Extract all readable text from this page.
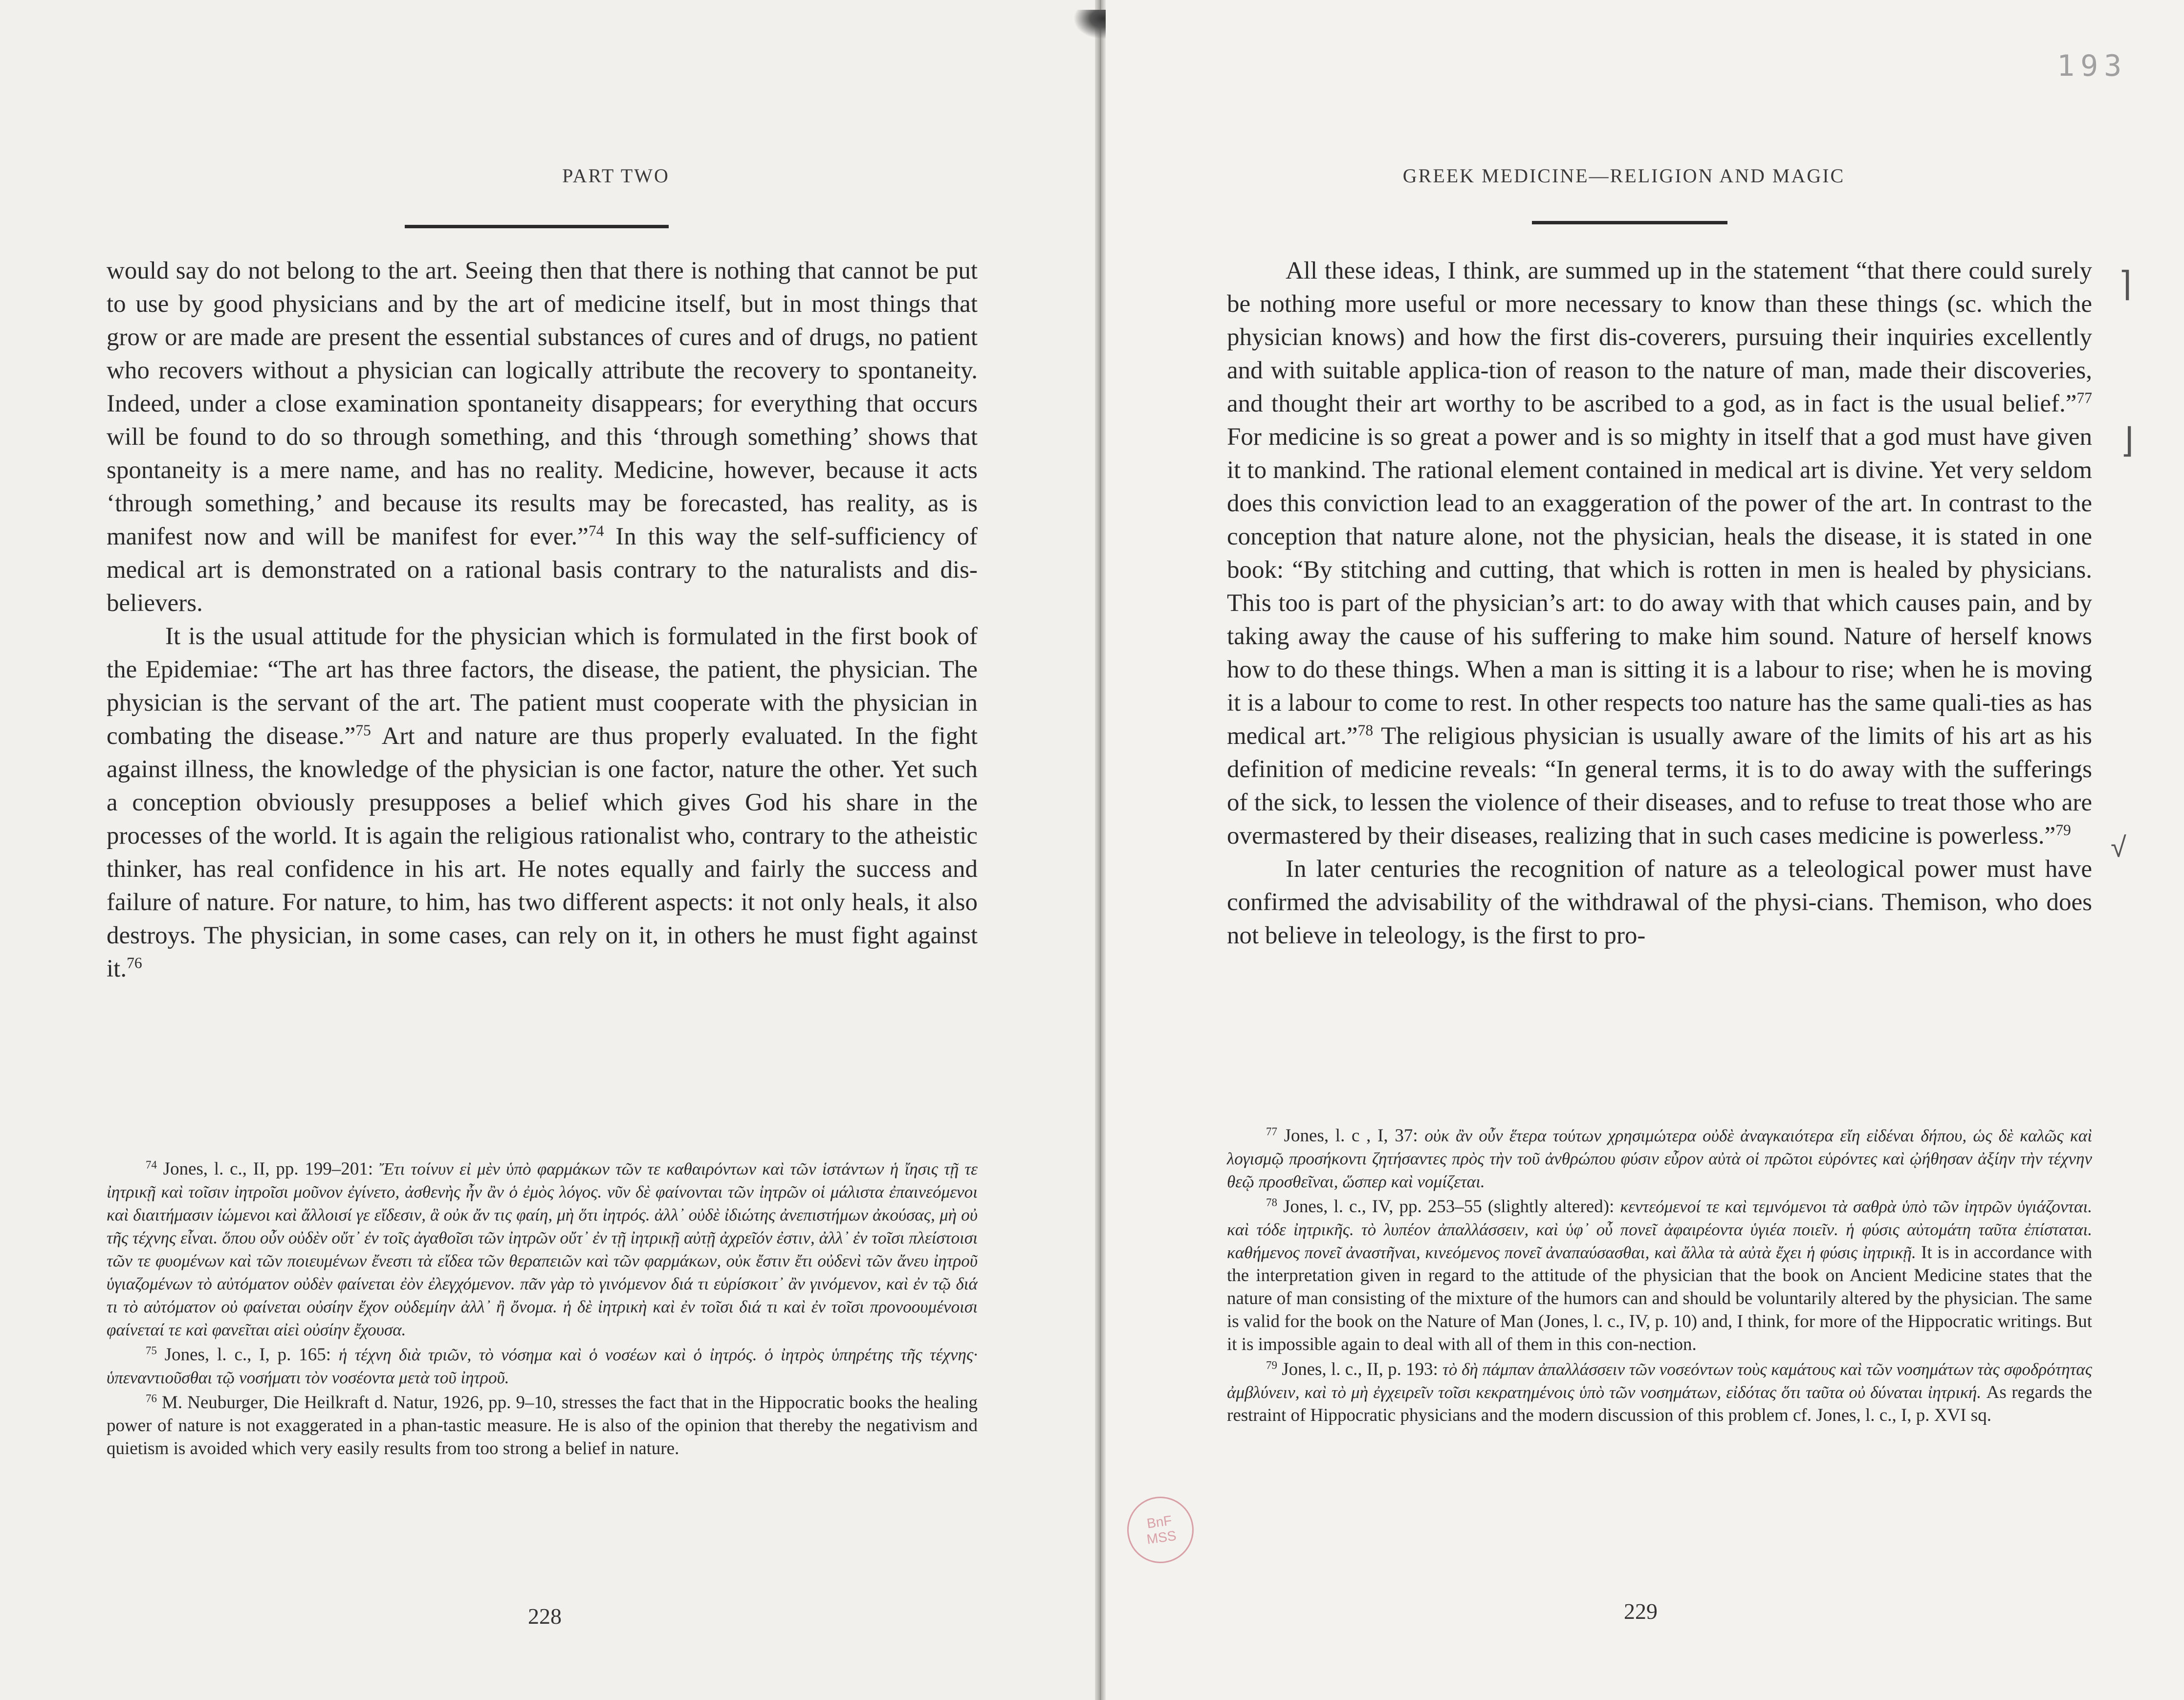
PART TWO

would say do not belong to the art. Seeing then that there is nothing that cannot be put to use by good physicians and by the art of medicine itself, but in most things that grow or are made are present the essential substances of cures and of drugs, no patient who recovers without a physician can logically attribute the recovery to spontaneity. Indeed, under a close examination spontaneity disappears; for everything that occurs will be found to do so through something, and this ‘through something’ shows that spontaneity is a mere name, and has no reality. Medicine, however, because it acts ‘through something,’ and because its results may be forecasted, has reality, as is manifest now and will be manifest for ever.”$^{74}$ In this way the self-sufficiency of medical art is demonstrated on a rational basis contrary to the naturalists and dis-believers.

It is the usual attitude for the physician which is formulated in the first book of the Epidemiae: “The art has three factors, the disease, the patient, the physician. The physician is the servant of the art. The patient must cooperate with the physician in combating the disease.”$^{75}$ Art and nature are thus properly evaluated. In the fight against illness, the knowledge of the physician is one factor, nature the other. Yet such a conception obviously presupposes a belief which gives God his share in the processes of the world. It is again the religious rationalist who, contrary to the atheistic thinker, has real confidence in his art. He notes equally and fairly the success and failure of nature. For nature, to him, has two different aspects: it not only heals, it also destroys. The physician, in some cases, can rely on it, in others he must fight against it.$^{76}$

$^{74}$ Jones, l. c., II, pp. 199–201: Ἔτι τοίνυν εἰ μὲν ὑπὸ φαρμάκων τῶν τε καθαιρόντων καὶ τῶν ἱστάντων ἡ ἴησις τῇ τε ἰητρικῇ καὶ τοῖσιν ἰητροῖσι μοῦνον ἐγίνετο, ἀσθενὴς ἦν ἂν ὁ ἐμὸς λόγος. νῦν δὲ φαίνονται τῶν ἰητρῶν οἱ μάλιστα ἐπαινεόμενοι καὶ διαιτήμασιν ἰώμενοι καὶ ἄλλοισί γε εἴδεσιν, ἃ οὐκ ἄν τις φαίη, μὴ ὅτι ἰητρός. ἀλλ᾽ οὐδὲ ἰδιώτης ἀνεπιστήμων ἀκούσας, μὴ οὐ τῆς τέχνης εἶναι. ὅπου οὖν οὐδὲν οὔτ᾽ ἐν τοῖς ἀγαθοῖσι τῶν ἰητρῶν οὔτ᾽ ἐν τῇ ἰητρικῇ αὐτῇ ἀχρεῖόν ἐστιν, ἀλλ᾽ ἐν τοῖσι πλείστοισι τῶν τε φυομένων καὶ τῶν ποιευμένων ἔνεστι τὰ εἴδεα τῶν θεραπειῶν καὶ τῶν φαρμάκων, οὐκ ἔστιν ἔτι οὐδενὶ τῶν ἄνευ ἰητροῦ ὑγιαζομένων τὸ αὐτόματον οὐδὲν φαίνεται ἐὸν ἐλεγχόμενον. πᾶν γὰρ τὸ γινόμενον διά τι εὑρίσκοιτ᾽ ἂν γινόμενον, καὶ ἐν τῷ διά τι τὸ αὐτόματον οὐ φαίνεται οὐσίην ἔχον οὐδεμίην ἀλλ᾽ ἢ ὄνομα. ἡ δὲ ἰητρικὴ καὶ ἐν τοῖσι διά τι καὶ ἐν τοῖσι προνοουμένοισι φαίνεταί τε καὶ φανεῖται αἰεὶ οὐσίην ἔχουσα.

$^{75}$ Jones, l. c., I, p. 165: ἡ τέχνη διὰ τριῶν, τὸ νόσημα καὶ ὁ νοσέων καὶ ὁ ἰητρός. ὁ ἰητρὸς ὑπηρέτης τῆς τέχνης· ὑπεναντιοῦσθαι τῷ νοσήματι τὸν νοσέοντα μετὰ τοῦ ἰητροῦ.

$^{76}$ M. Neuburger, Die Heilkraft d. Natur, 1926, pp. 9–10, stresses the fact that in the Hippocratic books the healing power of nature is not exaggerated in a phan-tastic measure. He is also of the opinion that thereby the negativism and quietism is avoided which very easily results from too strong a belief in nature.

228
GREEK MEDICINE—RELIGION AND MAGIC

All these ideas, I think, are summed up in the statement “that there could surely be nothing more useful or more necessary to know than these things (sc. which the physician knows) and how the first dis-coverers, pursuing their inquiries excellently and with suitable applica-tion of reason to the nature of man, made their discoveries, and thought their art worthy to be ascribed to a god, as in fact is the usual belief.”$^{77}$ For medicine is so great a power and is so mighty in itself that a god must have given it to mankind. The rational element contained in medical art is divine. Yet very seldom does this conviction lead to an exaggeration of the power of the art. In contrast to the conception that nature alone, not the physician, heals the disease, it is stated in one book: “By stitching and cutting, that which is rotten in men is healed by physicians. This too is part of the physician’s art: to do away with that which causes pain, and by taking away the cause of his suffering to make him sound. Nature of herself knows how to do these things. When a man is sitting it is a labour to rise; when he is moving it is a labour to come to rest. In other respects too nature has the same quali-ties as has medical art.”$^{78}$ The religious physician is usually aware of the limits of his art as his definition of medicine reveals: “In general terms, it is to do away with the sufferings of the sick, to lessen the violence of their diseases, and to refuse to treat those who are overmastered by their diseases, realizing that in such cases medicine is powerless.”$^{79}$

In later centuries the recognition of nature as a teleological power must have confirmed the advisability of the withdrawal of the physi-cians. Themison, who does not believe in teleology, is the first to pro-

$^{77}$ Jones, l. c , I, 37: οὐκ ἂν οὖν ἕτερα τούτων χρησιμώτερα οὐδὲ ἀναγκαιότερα εἴη εἰδέναι δήπου, ὡς δὲ καλῶς καὶ λογισμῷ προσήκοντι ζητήσαντες πρὸς τὴν τοῦ ἀνθρώπου φύσιν εὗρον αὐτὰ οἱ πρῶτοι εὑρόντες καὶ ᾠήθησαν ἀξίην τὴν τέχνην θεῷ προσθεῖναι, ὥσπερ καὶ νομίζεται.

$^{78}$ Jones, l. c., IV, pp. 253–55 (slightly altered): κεντεόμενοί τε καὶ τεμνόμενοι τὰ σαθρὰ ὑπὸ τῶν ἰητρῶν ὑγιάζονται. καὶ τόδε ἰητρικῆς. τὸ λυπέον ἀπαλλάσσειν, καὶ ὑφ᾽ οὗ πονεῖ ἀφαιρέοντα ὑγιέα ποιεῖν. ἡ φύσις αὐτομάτη ταῦτα ἐπίσταται. καθήμενος πονεῖ ἀναστῆναι, κινεόμενος πονεῖ ἀναπαύσασθαι, καὶ ἄλλα τὰ αὐτὰ ἔχει ἡ φύσις ἰητρικῇ. It is in accordance with the interpretation given in regard to the attitude of the physician that the book on Ancient Medicine states that the nature of man consisting of the mixture of the humors can and should be voluntarily altered by the physician. The same is valid for the book on the Nature of Man (Jones, l. c., IV, p. 10) and, I think, for more of the Hippocratic writings. But it is impossible again to deal with all of them in this con-nection.

$^{79}$ Jones, l. c., II, p. 193: τὸ δὴ πάμπαν ἀπαλλάσσειν τῶν νοσεόντων τοὺς καμάτους καὶ τῶν νοσημάτων τὰς σφοδρότητας ἀμβλύνειν, καὶ τὸ μὴ ἐγχειρεῖν τοῖσι κεκρατημένοις ὑπὸ τῶν νοσημάτων, εἰδότας ὅτι ταῦτα οὐ δύναται ἰητρική. As regards the restraint of Hippocratic physicians and the modern discussion of this problem cf. Jones, l. c., I, p. XVI sq.

229
193
⌉
⌋
√
BnF MSS
